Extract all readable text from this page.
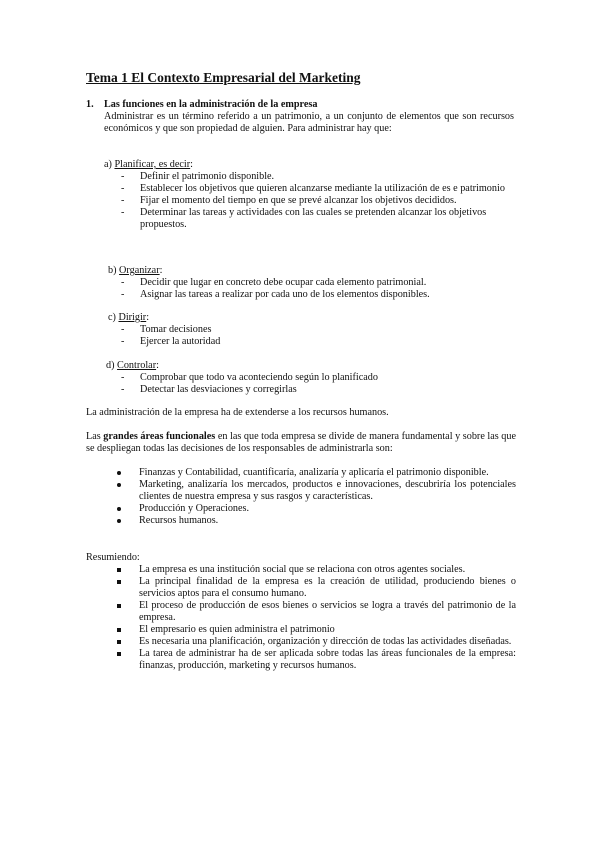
Tema 1 El Contexto Empresarial del Marketing
1. Las funciones en la administración de la empresa
Administrar es un término referido a un patrimonio, a un conjunto de elementos que son recursos económicos y que son propiedad de alguien. Para administrar hay que:
a) Planificar, es decir:
- Definir el patrimonio disponible.
- Establecer los objetivos que quieren alcanzarse mediante la utilización de es e patrimonio
- Fijar el momento del tiempo en que se prevé alcanzar los objetivos decididos.
- Determinar las tareas y actividades con las cuales se pretenden alcanzar los objetivos propuestos.
b) Organizar:
- Decidir que lugar en concreto debe ocupar cada elemento patrimonial.
- Asignar las tareas a realizar por cada uno de los elementos disponibles.
c) Dirigir:
- Tomar decisiones
- Ejercer la autoridad
d) Controlar:
- Comprobar que todo va aconteciendo según lo planificado
- Detectar las desviaciones y corregirlas
La administración de la empresa ha de extenderse a los recursos humanos.
Las grandes áreas funcionales en las que toda empresa se divide de manera fundamental y sobre las que se despliegan todas las decisiones de los responsables de administrarla son:
Finanzas y Contabilidad, cuantificaría, analizaría y aplicaría el patrimonio disponible.
Marketing, analizaría los mercados, productos e innovaciones, descubriría los potenciales clientes de nuestra empresa y sus rasgos y características.
Producción y Operaciones.
Recursos humanos.
Resumiendo:
La empresa es una institución social que se relaciona con otros agentes sociales.
La principal finalidad de la empresa es la creación de utilidad, produciendo bienes o servicios aptos para el consumo humano.
El proceso de producción de esos bienes o servicios se logra a través del patrimonio de la empresa.
El empresario es quien administra el patrimonio
Es necesaria una planificación, organización y dirección de todas las actividades diseñadas.
La tarea de administrar ha de ser aplicada sobre todas las áreas funcionales de la empresa: finanzas, producción, marketing y recursos humanos.
